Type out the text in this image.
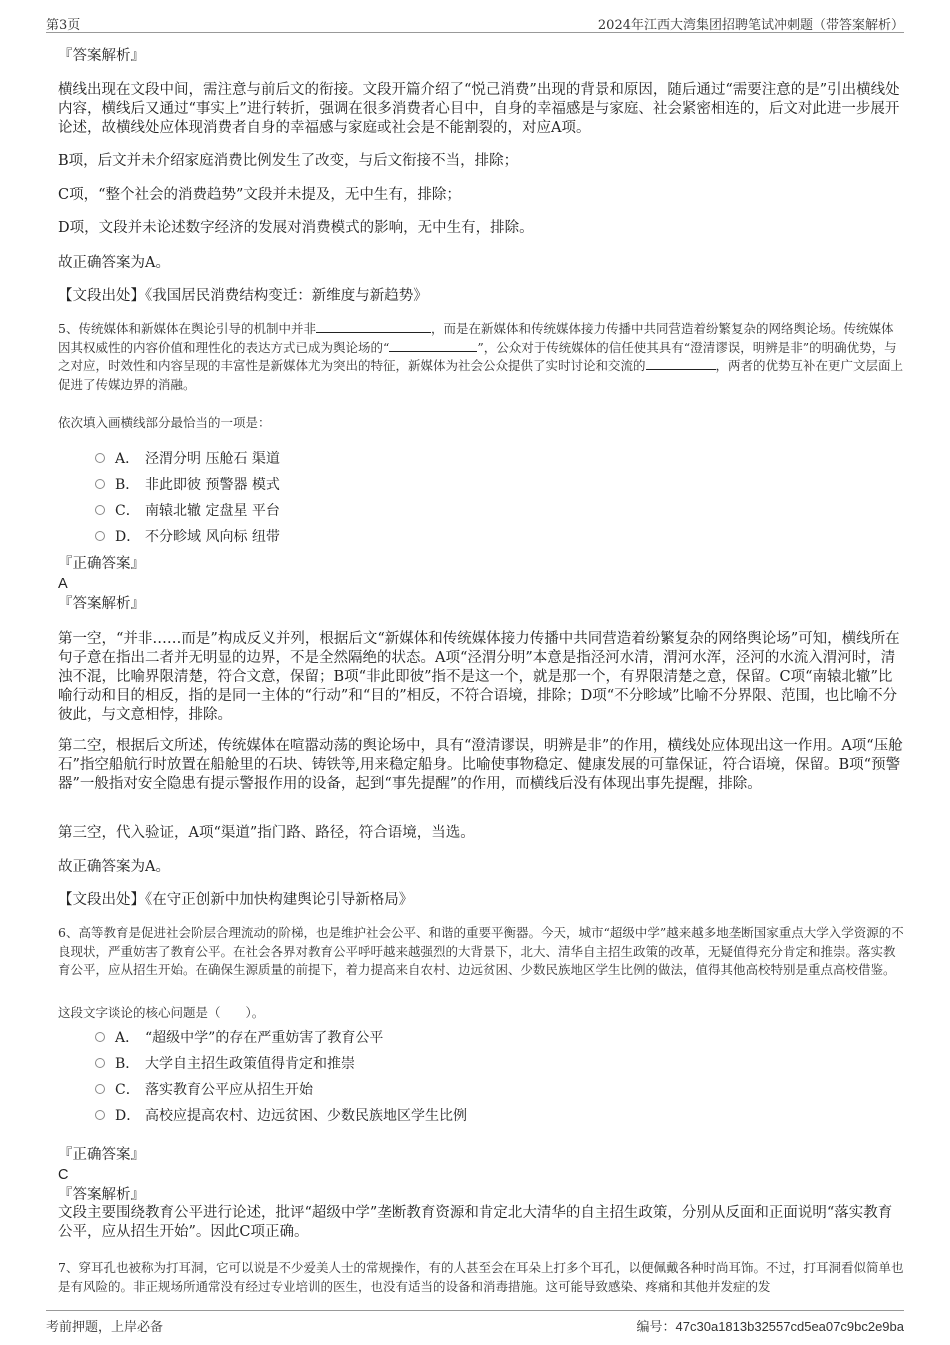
第3页	2024年江西大湾集团招聘笔试冲刺题（带答案解析）
『答案解析』

横线出现在文段中间，需注意与前后文的衔接。文段开篇介绍了“悦己消费”出现的背景和原因，随后通过“需要注意的是”引出横线处内容，横线后又通过“事实上”进行转折，强调在很多消费者心目中，自身的幸福感是与家庭、社会紧密相连的，后文对此进一步展开论述，故横线处应体现消费者自身的幸福感与家庭或社会是不能割裂的，对应A项。

B项，后文并未介绍家庭消费比例发生了改变，与后文衔接不当，排除；

C项，“整个社会的消费趋势”文段并未提及，无中生有，排除；

D项，文段并未论述数字经济的发展对消费模式的影响，无中生有，排除。

故正确答案为A。

【文段出处】《我国居民消费结构变迁：新维度与新趋势》

5、传统媒体和新媒体在舆论引导的机制中并非	，而是在新媒体和传统媒体接力传播中共同营造着纷繁复杂的网络舆论场。传统媒体因其权威性的内容价值和理性化的表达方式已成为舆论场的“	”，公众对于传统媒体的信任使其具有“澄清谬误，明辨是非”的明确优势，与之对应，时效性和内容呈现的丰富性是新媒体尤为突出的特征，新媒体为社会公众提供了实时讨论和交流的	，两者的优势互补在更广文层面上促进了传媒边界的消融。

依次填入画横线部分最恰当的一项是：

A． 泾渭分明 压舱石 渠道
B． 非此即彼 预警器 模式
C． 南辕北辙 定盘星 平台
D． 不分畛域 风向标 纽带
『正确答案』
A
『答案解析』

第一空，“并非……而是”构成反义并列，根据后文“新媒体和传统媒体接力传播中共同营造着纷繁复杂的网络舆论场”可知，横线所在句子意在指出二者并无明显的边界，不是全然隔绝的状态。A项“泾渭分明”本意是指泾河水清，渭河水浑，泾河的水流入渭河时，清浊不混，比喻界限清楚，符合文意，保留；B项“非此即彼”指不是这一个，就是那一个，有界限清楚之意，保留。C项“南辕北辙”比喻行动和目的相反，指的是同一主体的“行动”和“目的”相反，不符合语境，排除；D项“不分畛域”比喻不分界限、范围，也比喻不分彼此，与文意相悖，排除。

第二空，根据后文所述，传统媒体在喧嚣动荡的舆论场中，具有“澄清谬误，明辨是非”的作用，横线处应体现出这一作用。A项“压舱石”指空船航行时放置在船舱里的石块、铸铁等,用来稳定船身。比喻使事物稳定、健康发展的可靠保证，符合语境，保留。B项“预警器”一般指对安全隐患有提示警报作用的设备，起到“事先提醒”的作用，而横线后没有体现出事先提醒，排除。

第三空，代入验证，A项“渠道”指门路、路径，符合语境，当选。

故正确答案为A。

【文段出处】《在守正创新中加快构建舆论引导新格局》

6、高等教育是促进社会阶层合理流动的阶梯，也是维护社会公平、和谐的重要平衡器。今天，城市“超级中学”越来越多地垄断国家重点大学入学资源的不良现状，严重妨害了教育公平。在社会各界对教育公平呼吁越来越强烈的大背景下，北大、清华自主招生政策的改革，无疑值得充分肯定和推崇。落实教育公平，应从招生开始。在确保生源质量的前提下，着力提高来自农村、边远贫困、少数民族地区学生比例的做法，值得其他高校特别是重点高校借鉴。

这段文字谈论的核心问题是（　　）。

A． “超级中学”的存在严重妨害了教育公平
B． 大学自主招生政策值得肯定和推崇
C． 落实教育公平应从招生开始
D． 高校应提高农村、边远贫困、少数民族地区学生比例
『正确答案』
C
『答案解析』

文段主要围绕教育公平进行论述，批评“超级中学”垄断教育资源和肯定北大清华的自主招生政策，分别从反面和正面说明“落实教育公平，应从招生开始”。因此C项正确。

7、穿耳孔也被称为打耳洞，它可以说是不少爱美人士的常规操作，有的人甚至会在耳朵上打多个耳孔，以便佩戴各种时尚耳饰。不过，打耳洞看似简单也是有风险的。非正规场所通常没有经过专业培训的医生，也没有适当的设备和消毒措施。这可能导致感染、疼痛和其他并发症的发

考前押题，上岸必备	编号：47c30a1813b32557cd5ea07c9bc2e9ba
